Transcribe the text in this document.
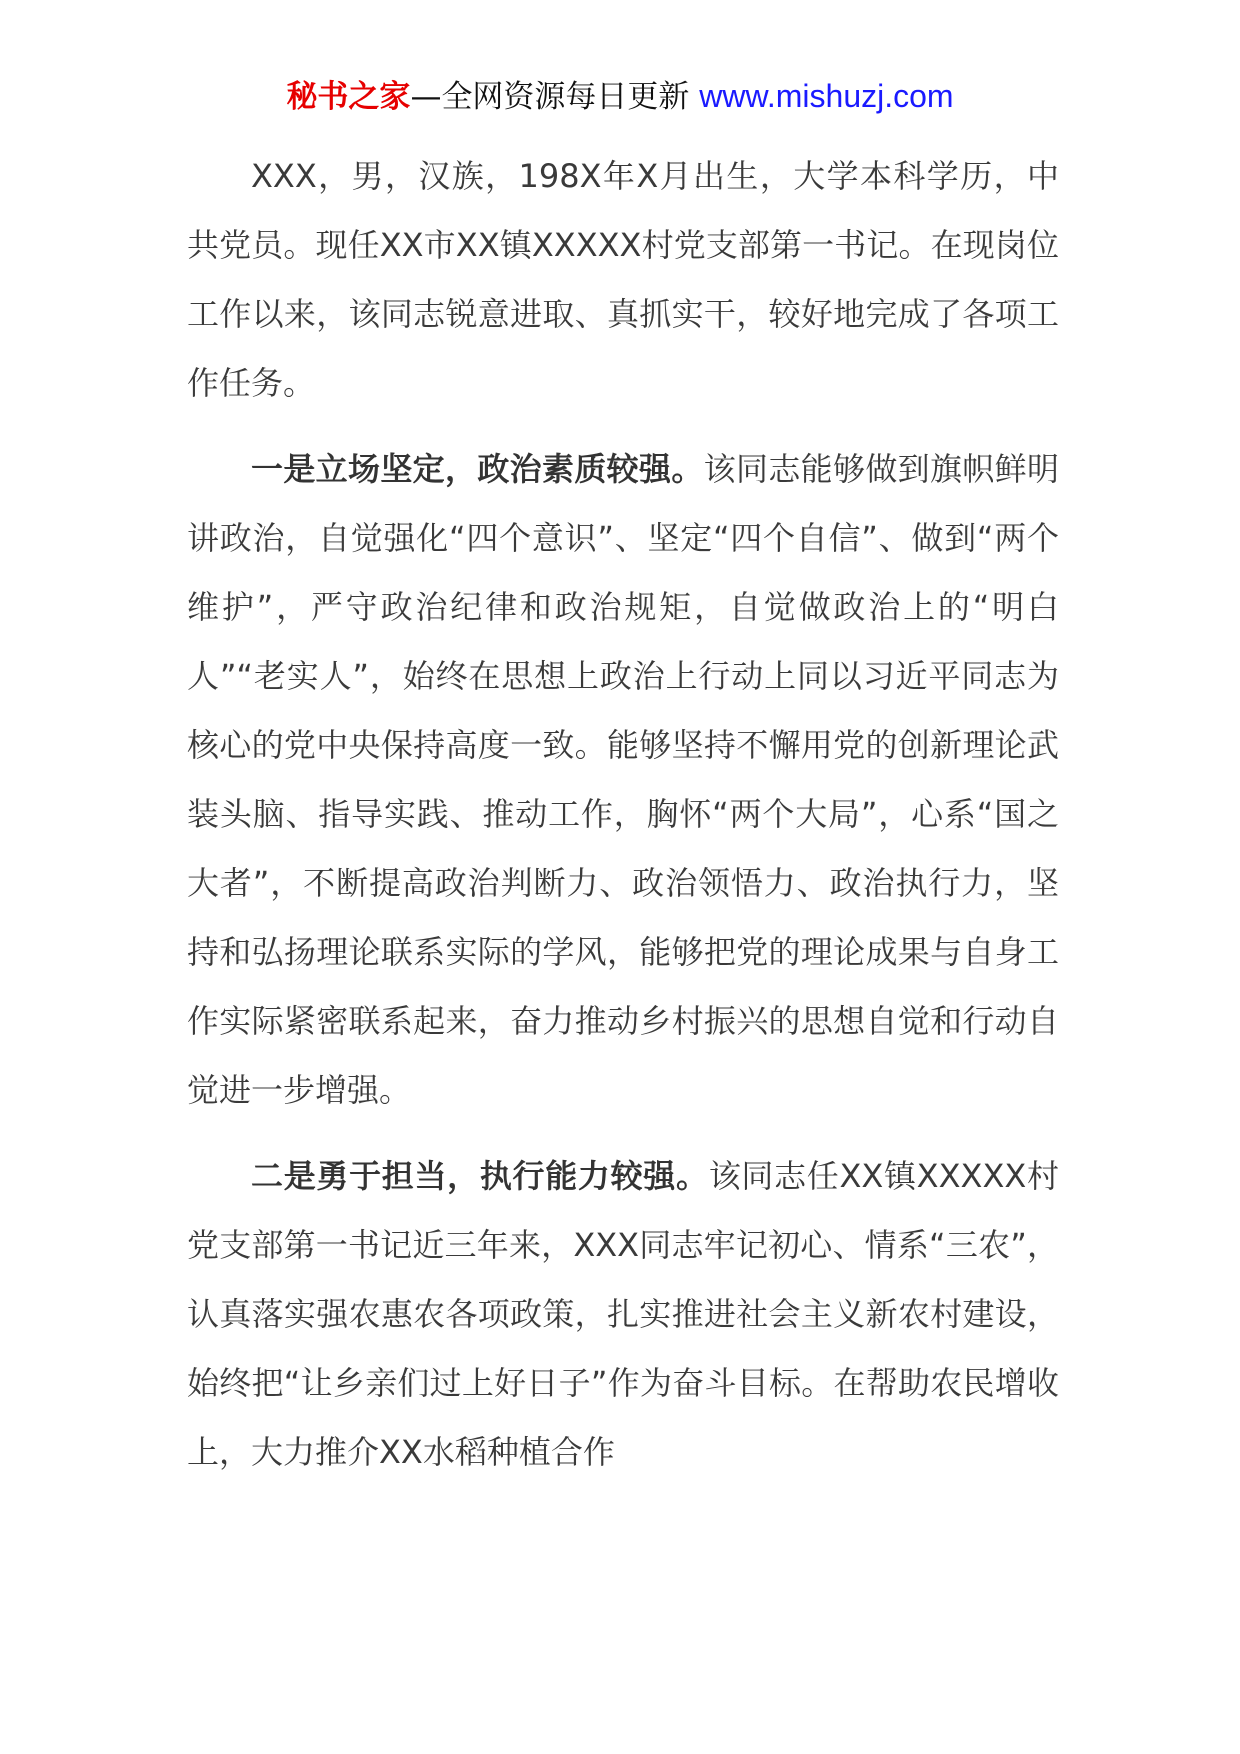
秘书之家—全网资源每日更新 www.mishuzj.com

XXX，男，汉族，198X年X月出生，大学本科学历，中共党员。现任XX市XX镇XXXXX村党支部第一书记。在现岗位工作以来，该同志锐意进取、真抓实干，较好地完成了各项工作任务。

一是立场坚定，政治素质较强。该同志能够做到旗帜鲜明讲政治，自觉强化“四个意识”、坚定“四个自信”、做到“两个维护”，严守政治纪律和政治规矩，自觉做政治上的“明白人”“老实人”，始终在思想上政治上行动上同以习近平同志为核心的党中央保持高度一致。能够坚持不懈用党的创新理论武装头脑、指导实践、推动工作，胸怀“两个大局”，心系“国之大者”，不断提高政治判断力、政治领悟力、政治执行力，坚持和弘扬理论联系实际的学风，能够把党的理论成果与自身工作实际紧密联系起来，奋力推动乡村振兴的思想自觉和行动自觉进一步增强。

二是勇于担当，执行能力较强。该同志任XX镇XXXXX村党支部第一书记近三年来，XXX同志牢记初心、情系“三农”，认真落实强农惠农各项政策，扎实推进社会主义新农村建设，始终把“让乡亲们过上好日子”作为奋斗目标。在帮助农民增收上，大力推介XX水稻种植合作
